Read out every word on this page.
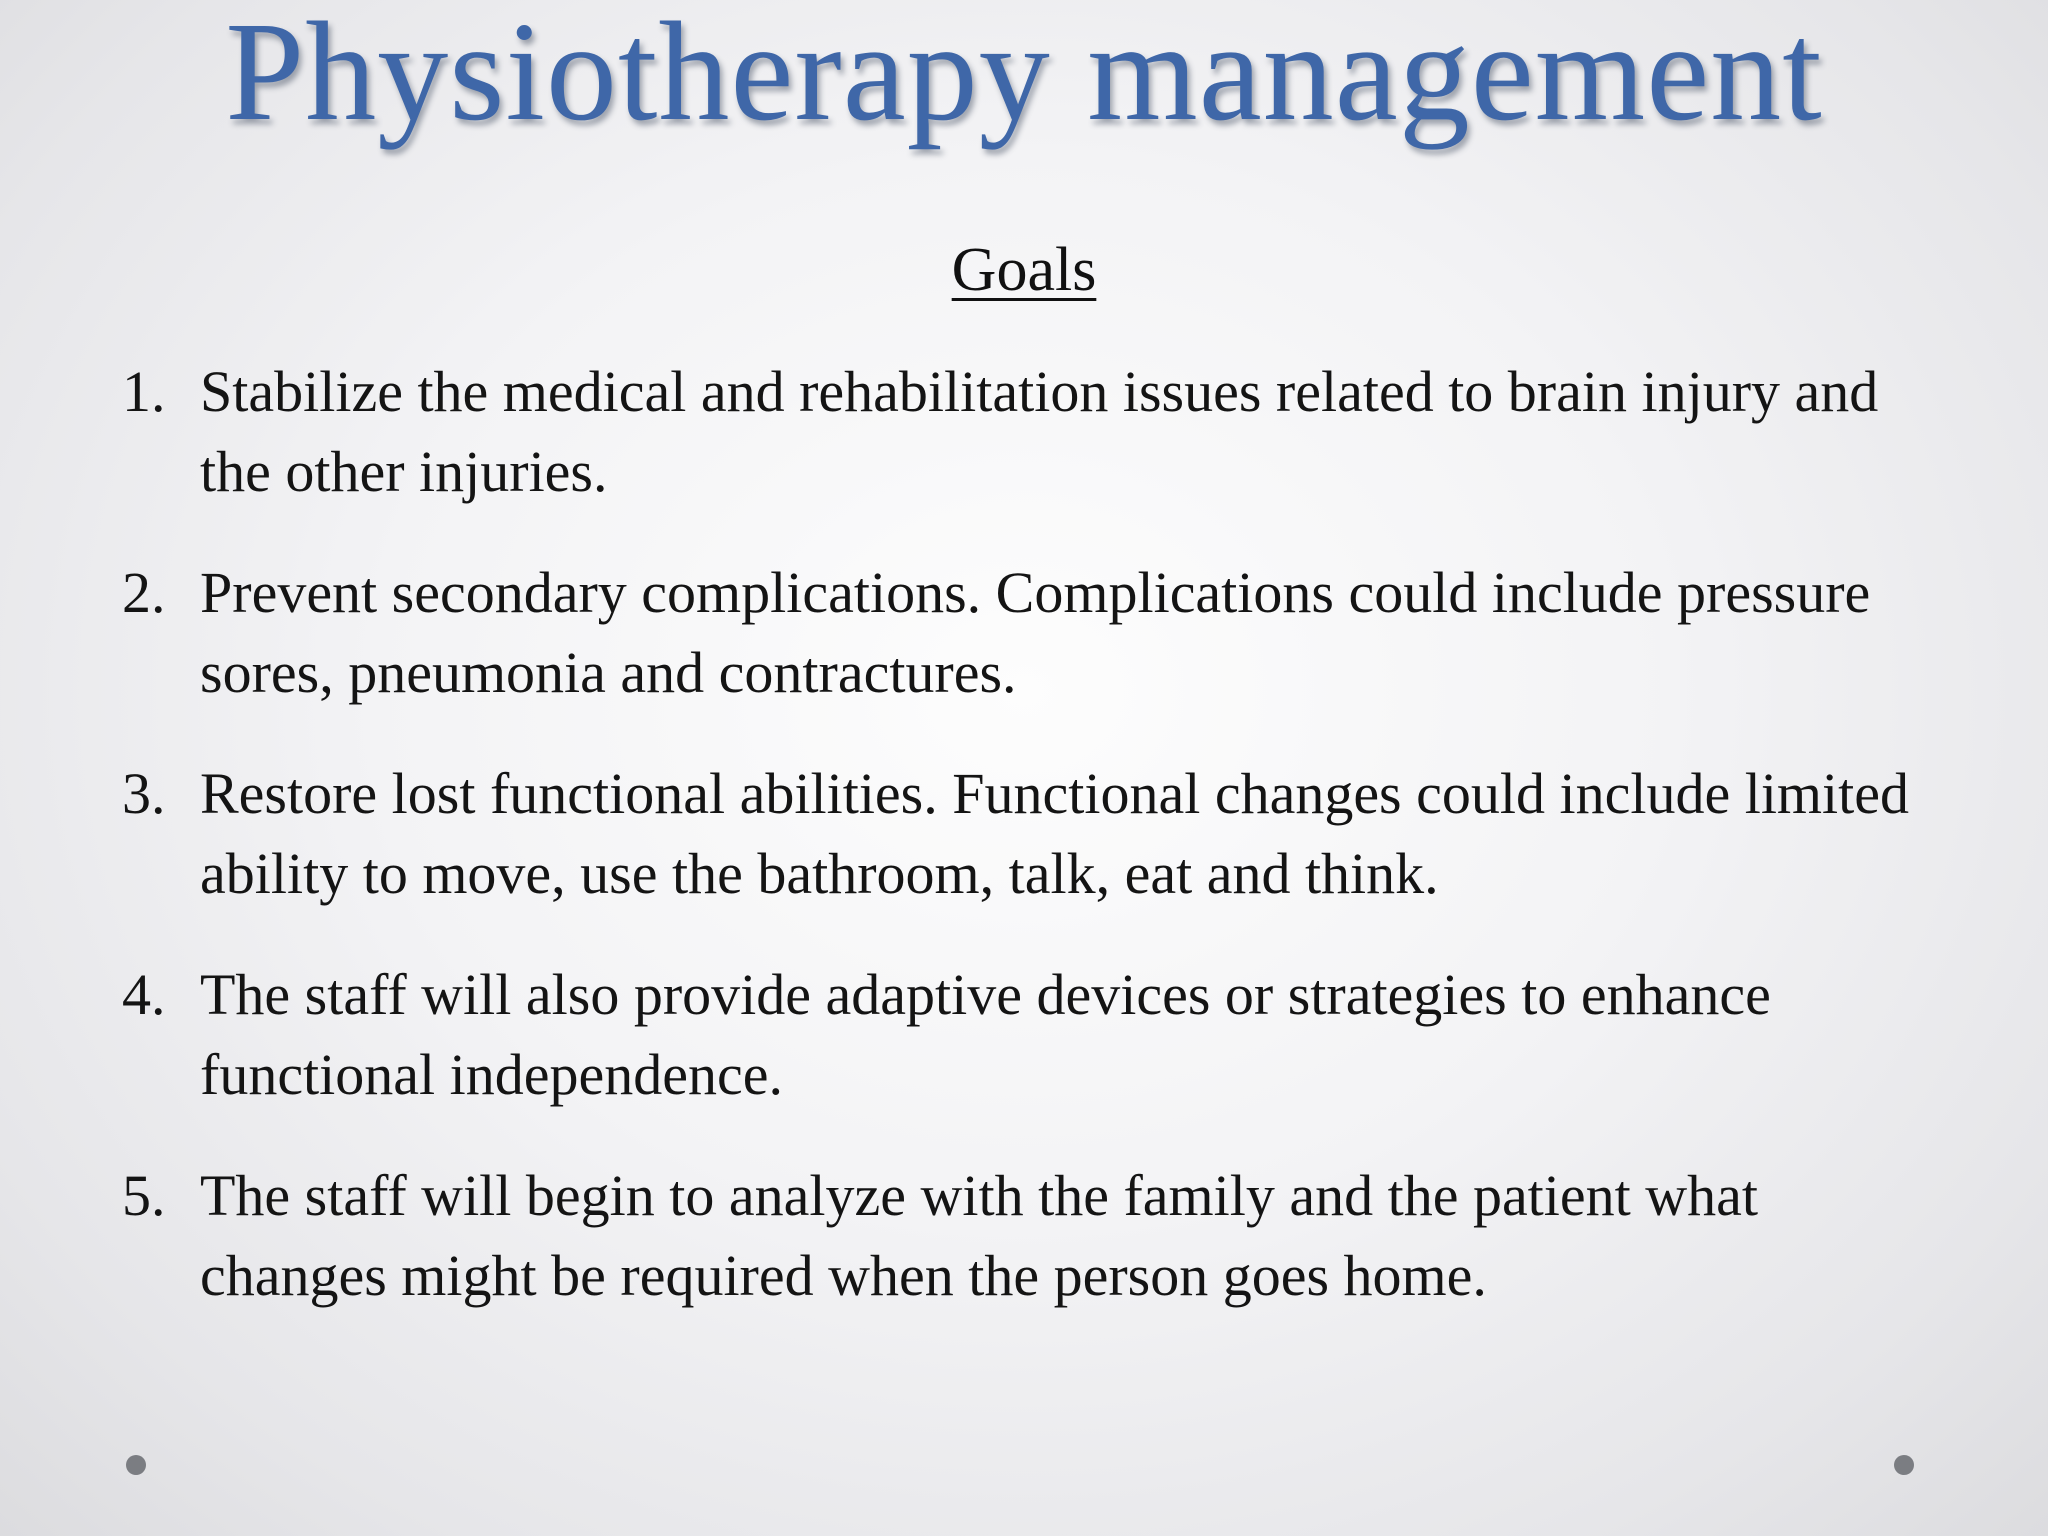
Physiotherapy management
Goals
1. Stabilize the medical and rehabilitation issues related to brain injury and the other injuries.
2. Prevent secondary complications. Complications could include pressure sores, pneumonia and contractures.
3. Restore lost functional abilities. Functional changes could include limited ability to move, use the bathroom, talk, eat and think.
4. The staff will also provide adaptive devices or strategies to enhance functional independence.
5. The staff will begin to analyze with the family and the patient what changes might be required when the person goes home.
